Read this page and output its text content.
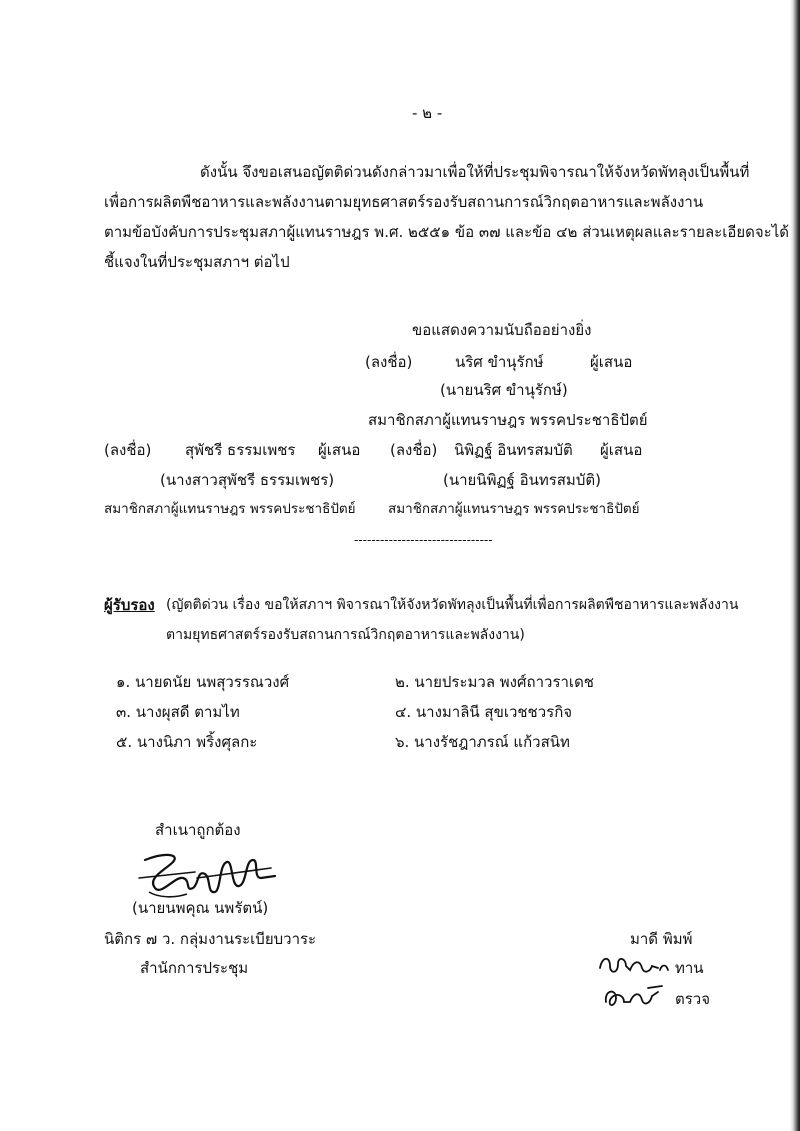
- ๒ -
ดังนั้น จึงขอเสนอญัตติด่วนดังกล่าวมาเพื่อให้ที่ประชุมพิจารณาให้จังหวัดพัทลุงเป็นพื้นที่
เพื่อการผลิตพืชอาหารและพลังงานตามยุทธศาสตร์รองรับสถานการณ์วิกฤตอาหารและพลังงาน
ตามข้อบังคับการประชุมสภาผู้แทนราษฎร พ.ศ. ๒๕๕๑ ข้อ ๓๗ และข้อ ๔๒ ส่วนเหตุผลและรายละเอียดจะได้
ชี้แจงในที่ประชุมสภาฯ ต่อไป
ขอแสดงความนับถืออย่างยิ่ง
(ลงชื่อ)	นริศ ขำนุรักษ์	ผู้เสนอ
(นายนริศ ขำนุรักษ์)
สมาชิกสภาผู้แทนราษฎร พรรคประชาธิปัตย์
(ลงชื่อ) สุพัชรี ธรรมเพชร ผู้เสนอ (ลงชื่อ) นิพิฏฐ์ อินทรสมบัติ ผู้เสนอ
(นางสาวสุพัชรี ธรรมเพชร)	(นายนิพิฏฐ์ อินทรสมบัติ)
สมาชิกสภาผู้แทนราษฎร พรรคประชาธิปัตย์ สมาชิกสภาผู้แทนราษฎร พรรคประชาธิปัตย์
--------------------------------
ผู้รับรอง (ญัตติด่วน เรื่อง ขอให้สภาฯ พิจารณาให้จังหวัดพัทลุงเป็นพื้นที่เพื่อการผลิตพืชอาหารและพลังงาน
ตามยุทธศาสตร์รองรับสถานการณ์วิกฤตอาหารและพลังงาน)
๑. นายดนัย นพสุวรรณวงศ์	๒. นายประมวล พงศ์ถาวราเดช
๓. นางผุสดี ตามไท	๔. นางมาลินี สุขเวชชวรกิจ
๕. นางนิภา พริ้งศุลกะ	๖. นางรัชฎาภรณ์ แก้วสนิท
สำเนาถูกต้อง
(นายนพคุณ นพรัตน์)
นิติกร ๗ ว. กลุ่มงานระเบียบวาระ
สำนักการประชุม
มาดี พิมพ์
ทาน
ตรวจ
